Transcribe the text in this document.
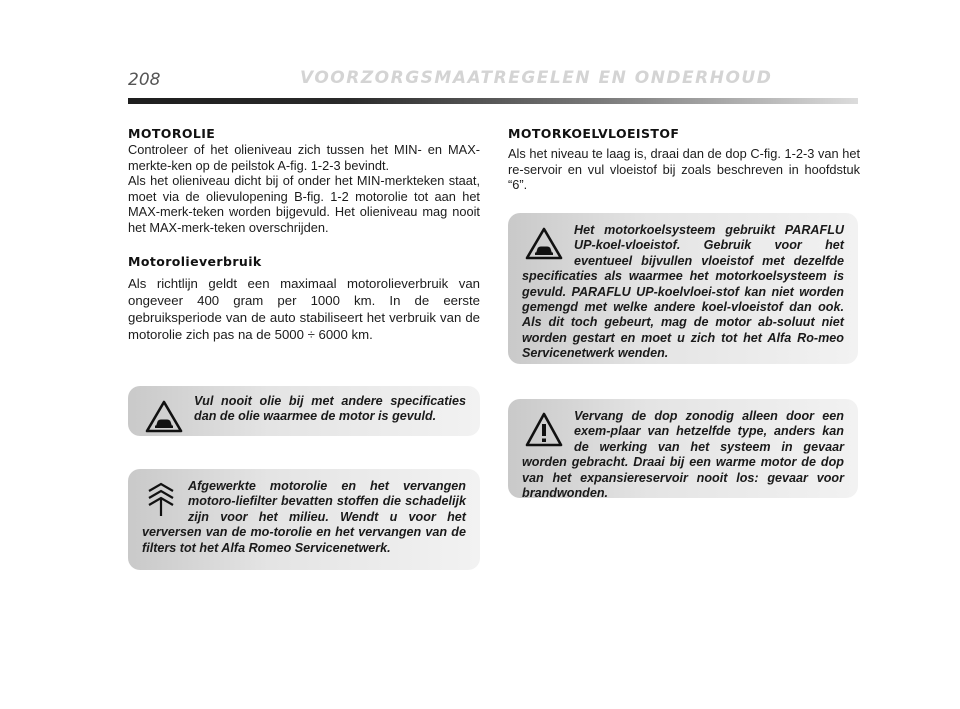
208	VOORZORGSMAATREGELEN EN ONDERHOUD
MOTOROLIE

Controleer of het olieniveau zich tussen het MIN- en MAX-merkte-ken op de peilstok A-fig. 1-2-3 bevindt.

Als het olieniveau dicht bij of onder het MIN-merkteken staat, moet via de olievulopening B-fig. 1-2 motorolie tot aan het MAX-merk-teken worden bijgevuld. Het olieniveau mag nooit het MAX-merk-teken overschrijden.

Motorolieverbruik

Als richtlijn geldt een maximaal motorolieverbruik van ongeveer 400 gram per 1000 km. In de eerste gebruiksperiode van de auto stabiliseert het verbruik van de motorolie zich pas na de 5000 ÷ 6000 km.

Vul nooit olie bij met andere specificaties dan de olie waarmee de motor is gevuld.

Afgewerkte motorolie en het vervangen motoro-liefilter bevatten stoffen die schadelijk zijn voor het milieu. Wendt u voor het verversen van de mo-torolie en het vervangen van de filters tot het Alfa Romeo Servicenetwerk.

MOTORKOELVLOEISTOF

Als het niveau te laag is, draai dan de dop C-fig. 1-2-3 van het re-servoir en vul vloeistof bij zoals beschreven in hoofdstuk “6”.

Het motorkoelsysteem gebruikt PARAFLU UP-koel-vloeistof. Gebruik voor het eventueel bijvullen vloeistof met dezelfde specificaties als waarmee het motorkoelsysteem is gevuld. PARAFLU UP-koelvloei-stof kan niet worden gemengd met welke andere koel-vloeistof dan ook. Als dit toch gebeurt, mag de motor ab-soluut niet worden gestart en moet u zich tot het Alfa Ro-meo Servicenetwerk wenden.

Vervang de dop zonodig alleen door een exem-plaar van hetzelfde type, anders kan de werking van het systeem in gevaar worden gebracht. Draai bij een warme motor de dop van het expansiereservoir nooit los: gevaar voor brandwonden.
